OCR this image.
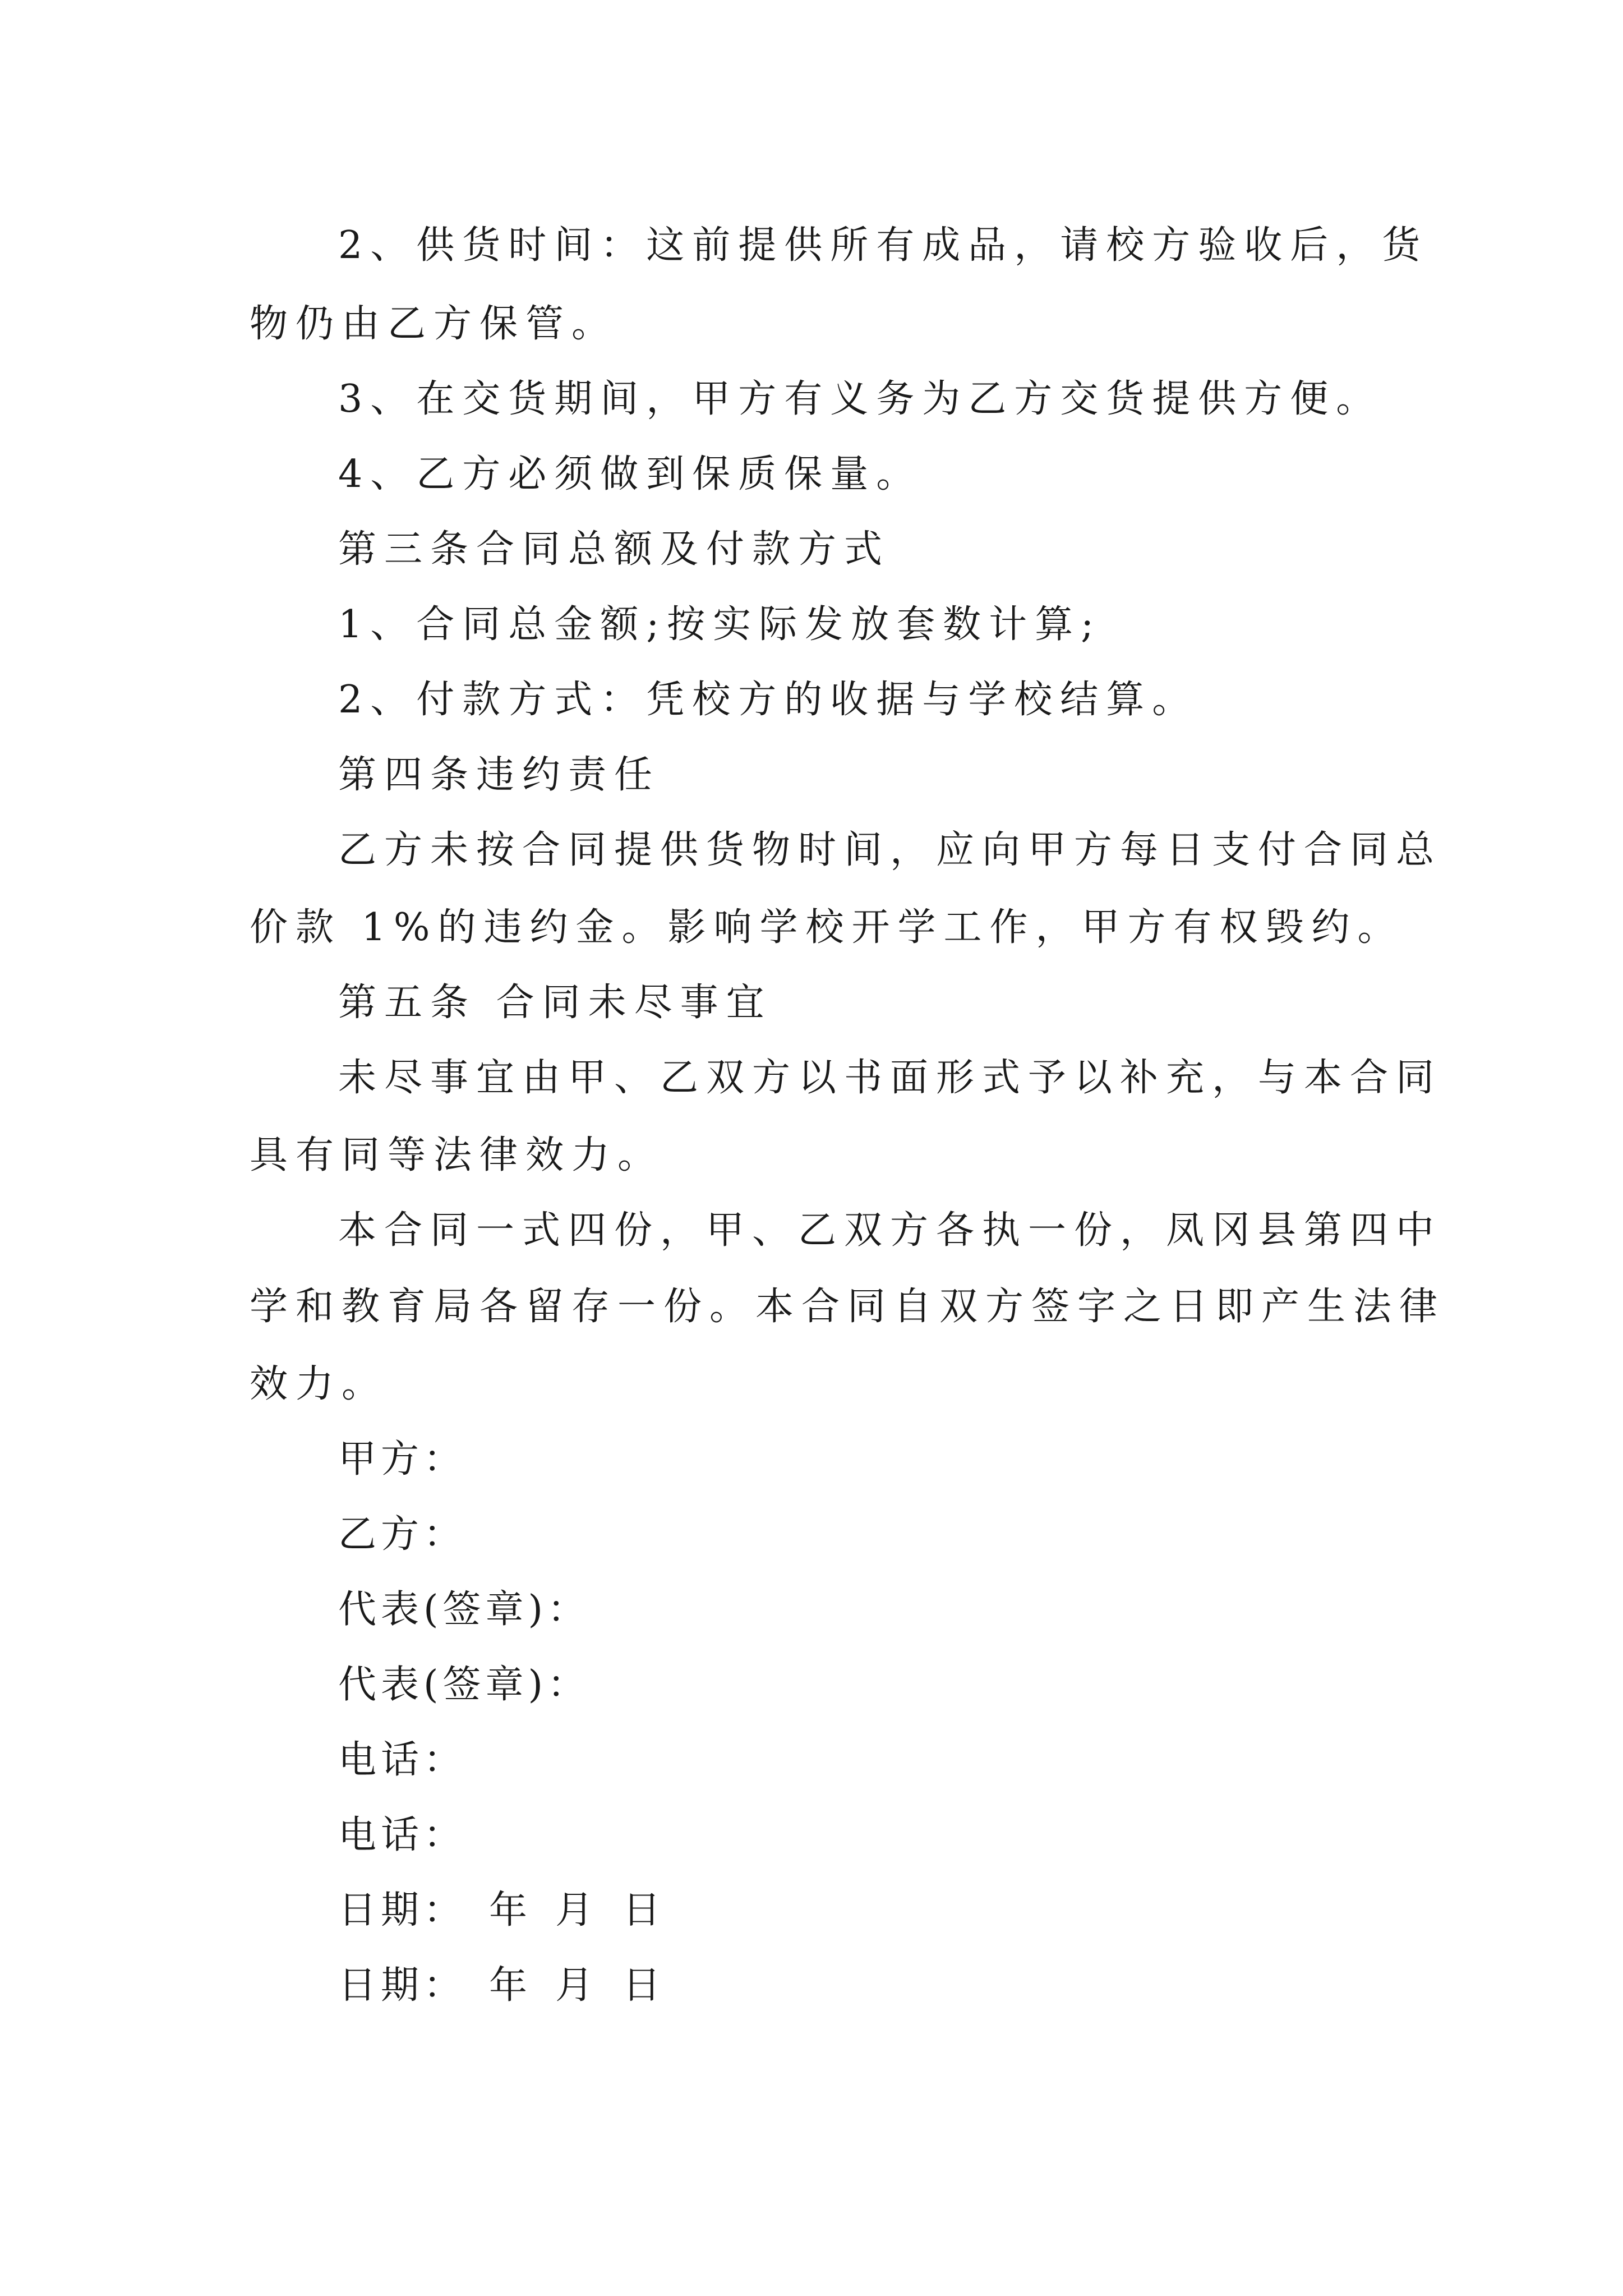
2、供货时间：这前提供所有成品，请校方验收后，货
物仍由乙方保管。
3、在交货期间，甲方有义务为乙方交货提供方便。
4、乙方必须做到保质保量。
第三条合同总额及付款方式
1、合同总金额;按实际发放套数计算;
2、付款方式：凭校方的收据与学校结算。
第四条违约责任
乙方未按合同提供货物时间，应向甲方每日支付合同总
价款 1%的违约金。影响学校开学工作，甲方有权毁约。
第五条 合同未尽事宜
未尽事宜由甲、乙双方以书面形式予以补充，与本合同
具有同等法律效力。
本合同一式四份，甲、乙双方各执一份，凤冈县第四中
学和教育局各留存一份。本合同自双方签字之日即产生法律
效力。
甲方：
乙方：
代表(签章)：
代表(签章)：
电话：
电话：
日期： 年 月 日
日期： 年 月 日
